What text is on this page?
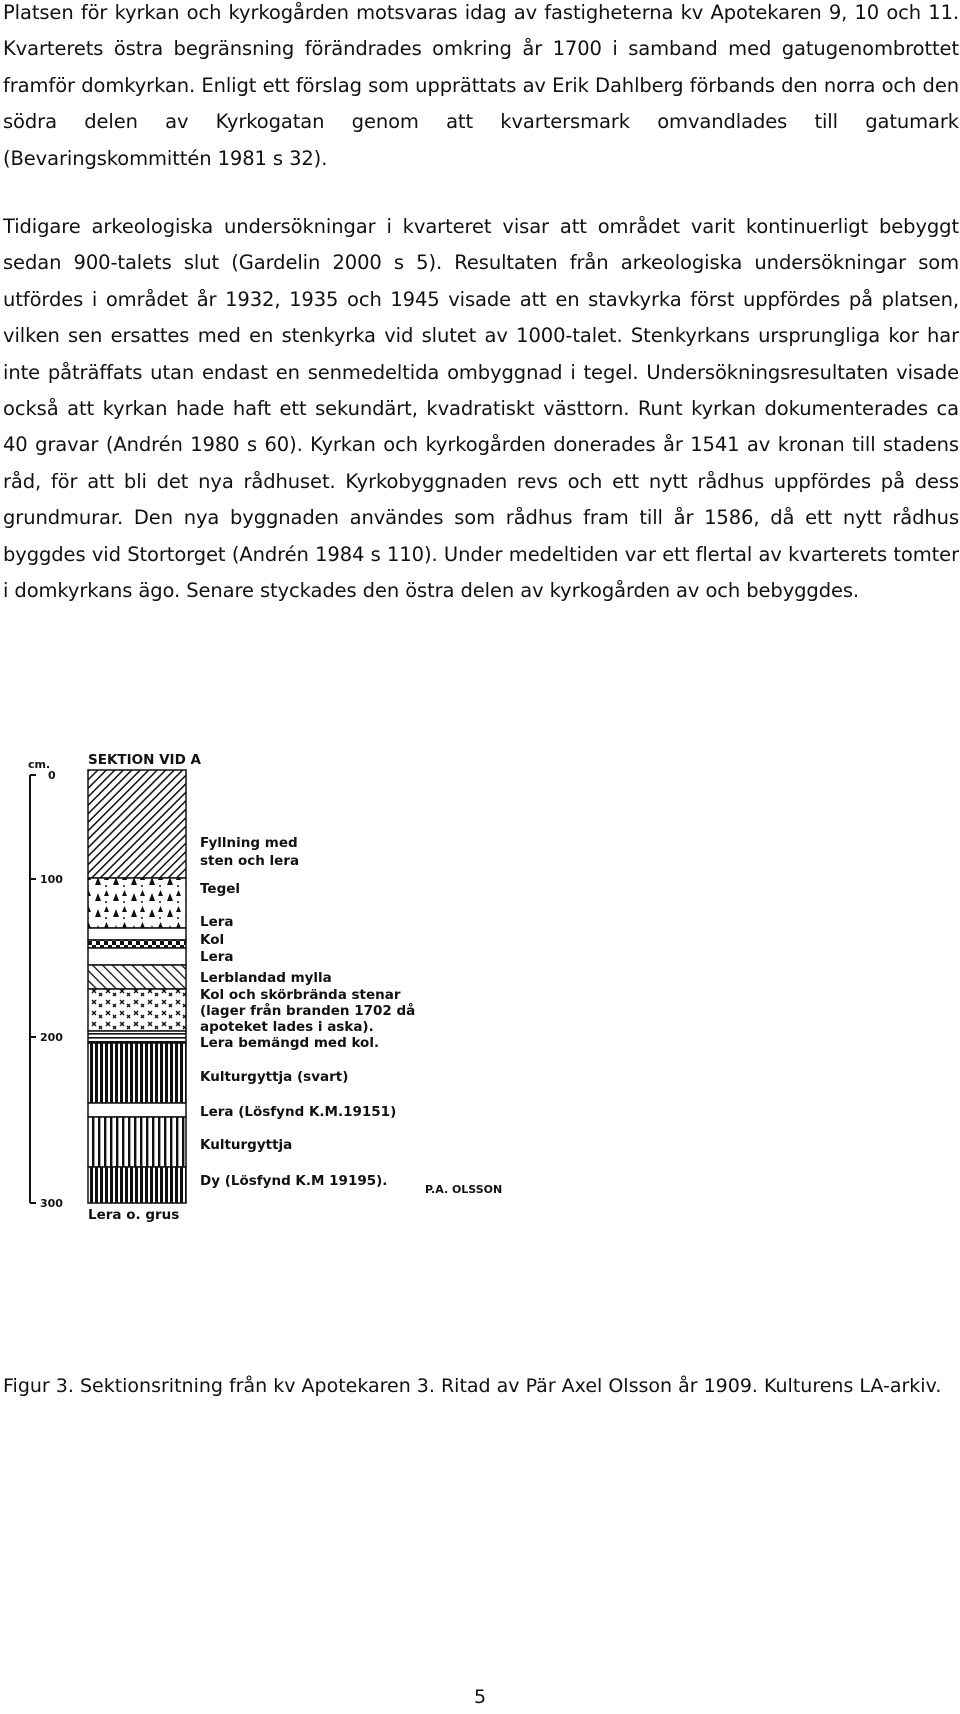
Platsen för kyrkan och kyrkogården motsvaras idag av fastigheterna kv Apotekaren 9, 10 och 11. Kvarterets östra begränsning förändrades omkring år 1700 i samband med gatugenombrottet framför domkyrkan. Enligt ett förslag som upprättats av Erik Dahlberg förbands den norra och den södra delen av Kyrkogatan genom att kvartersmark omvandlades till gatumark (Bevaringskommittén 1981 s 32).

Tidigare arkeologiska undersökningar i kvarteret visar att området varit kontinuerligt bebyggt sedan 900-talets slut (Gardelin 2000 s 5). Resultaten från arkeologiska undersökningar som utfördes i området år 1932, 1935 och 1945 visade att en stavkyrka först uppfördes på platsen, vilken sen ersattes med en stenkyrka vid slutet av 1000-talet. Stenkyrkans ursprungliga kor har inte påträffats utan endast en senmedeltida ombyggnad i tegel. Undersökningsresultaten visade också att kyrkan hade haft ett sekundärt, kvadratiskt västtorn. Runt kyrkan dokumenterades ca 40 gravar (Andrén 1980 s 60). Kyrkan och kyrkogården donerades år 1541 av kronan till stadens råd, för att bli det nya rådhuset. Kyrkobyggnaden revs och ett nytt rådhus uppfördes på dess grundmurar. Den nya byggnaden användes som rådhus fram till år 1586, då ett nytt rådhus byggdes vid Stortorget (Andrén 1984 s 110). Under medeltiden var ett flertal av kvarterets tomter i domkyrkans ägo. Senare styckades den östra delen av kyrkogården av och bebyggdes.

SEKTION VID A
cm.
0
100
200
300
Fyllning med
sten och lera
Tegel
Lera
Kol
Lera
Lerblandad mylla
Kol och skörbrända stenar
(lager från branden 1702 då
apoteket lades i aska).
Lera bemängd med kol.
Kulturgyttja (svart)
Lera (Lösfynd K.M.19151)
Kulturgyttja
Dy (Lösfynd K.M 19195).
Lera o. grus
P.A. OLSSON

Figur 3. Sektionsritning från kv Apotekaren 3. Ritad av Pär Axel Olsson år 1909. Kulturens LA-arkiv.

5
